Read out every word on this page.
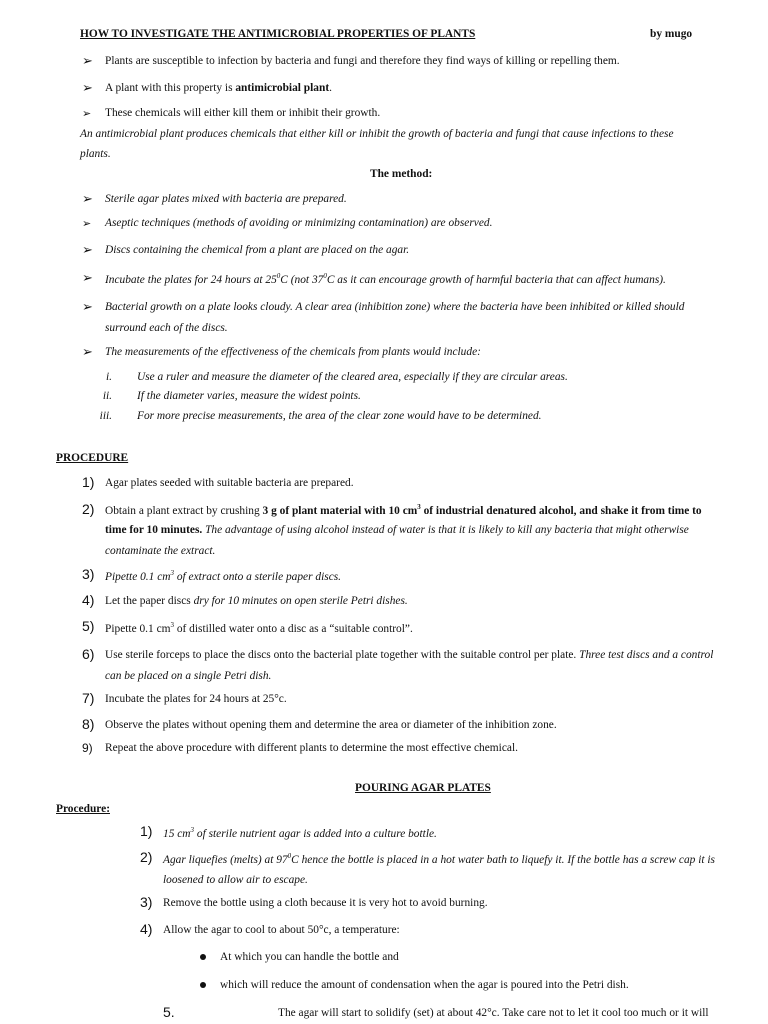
HOW TO INVESTIGATE THE ANTIMICROBIAL PROPERTIES OF PLANTS	by mugo
➢ Plants are susceptible to infection by bacteria and fungi and therefore they find ways of killing or repelling them.
➢ A plant with this property is antimicrobial plant.
➢ These chemicals will either kill them or inhibit their growth.
An antimicrobial plant produces chemicals that either kill or inhibit the growth of bacteria and fungi that cause infections to these
plants.
The method:
➢ Sterile agar plates mixed with bacteria are prepared.
➢ Aseptic techniques (methods of avoiding or minimizing contamination) are observed.
➢ Discs containing the chemical from a plant are placed on the agar.
➢ Incubate the plates for 24 hours at $25^0C$ (not $37^0C$ as it can encourage growth of harmful bacteria that can affect humans).
➢ Bacterial growth on a plate looks cloudy. A clear area (inhibition zone) where the bacteria have been inhibited or killed should
surround each of the discs.
➢ The measurements of the effectiveness of the chemicals from plants would include:
i. Use a ruler and measure the diameter of the cleared area, especially if they are circular areas.
ii. If the diameter varies, measure the widest points.
iii. For more precise measurements, the area of the clear zone would have to be determined.
PROCEDURE
1) Agar plates seeded with suitable bacteria are prepared.
2) Obtain a plant extract by crushing 3 g of plant material with 10 $cm^3$ of industrial denatured alcohol, and shake it from time to
time for 10 minutes. The advantage of using alcohol instead of water is that it is likely to kill any bacteria that might otherwise
contaminate the extract.
3) Pipette 0.1 $cm^3$ of extract onto a sterile paper discs.
4) Let the paper discs dry for 10 minutes on open sterile Petri dishes.
5) Pipette 0.1 $cm^3$ of distilled water onto a disc as a “suitable control”.
6) Use sterile forceps to place the discs onto the bacterial plate together with the suitable control per plate. Three test discs and a control
can be placed on a single Petri dish.
7) Incubate the plates for 24 hours at 25°c.
8) Observe the plates without opening them and determine the area or diameter of the inhibition zone.
9) Repeat the above procedure with different plants to determine the most effective chemical.
POURING AGAR PLATES
Procedure:
1) 15 $cm^3$ of sterile nutrient agar is added into a culture bottle.
2) Agar liquefies (melts) at $97^0C$ hence the bottle is placed in a hot water bath to liquefy it. If the bottle has a screw cap it is
loosened to allow air to escape.
3) Remove the bottle using a cloth because it is very hot to avoid burning.
4) Allow the agar to cool to about 50°c, a temperature:
At which you can handle the bottle and
which will reduce the amount of condensation when the agar is poured into the Petri dish.
5.	The agar will start to solidify (set) at about 42°c. Take care not to let it cool too much or it will
